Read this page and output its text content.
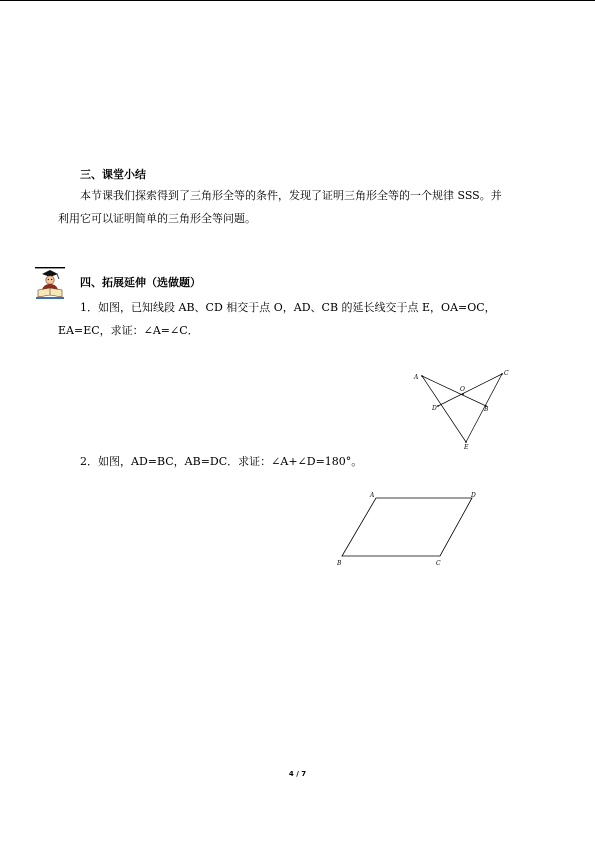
三、课堂小结
本节课我们探索得到了三角形全等的条件，发现了证明三角形全等的一个规律 SSS。并
利用它可以证明简单的三角形全等问题。
四、拓展延伸（选做题）
1．如图，已知线段 AB、CD 相交于点 O，AD、CB 的延长线交于点 E，OA=OC，
EA=EC，求证：∠A=∠C．
A
C
O
D	B
E
2．如图，AD=BC，AB=DC．求证：∠A+∠D=180°。
A	D
B	C
4 / 7
